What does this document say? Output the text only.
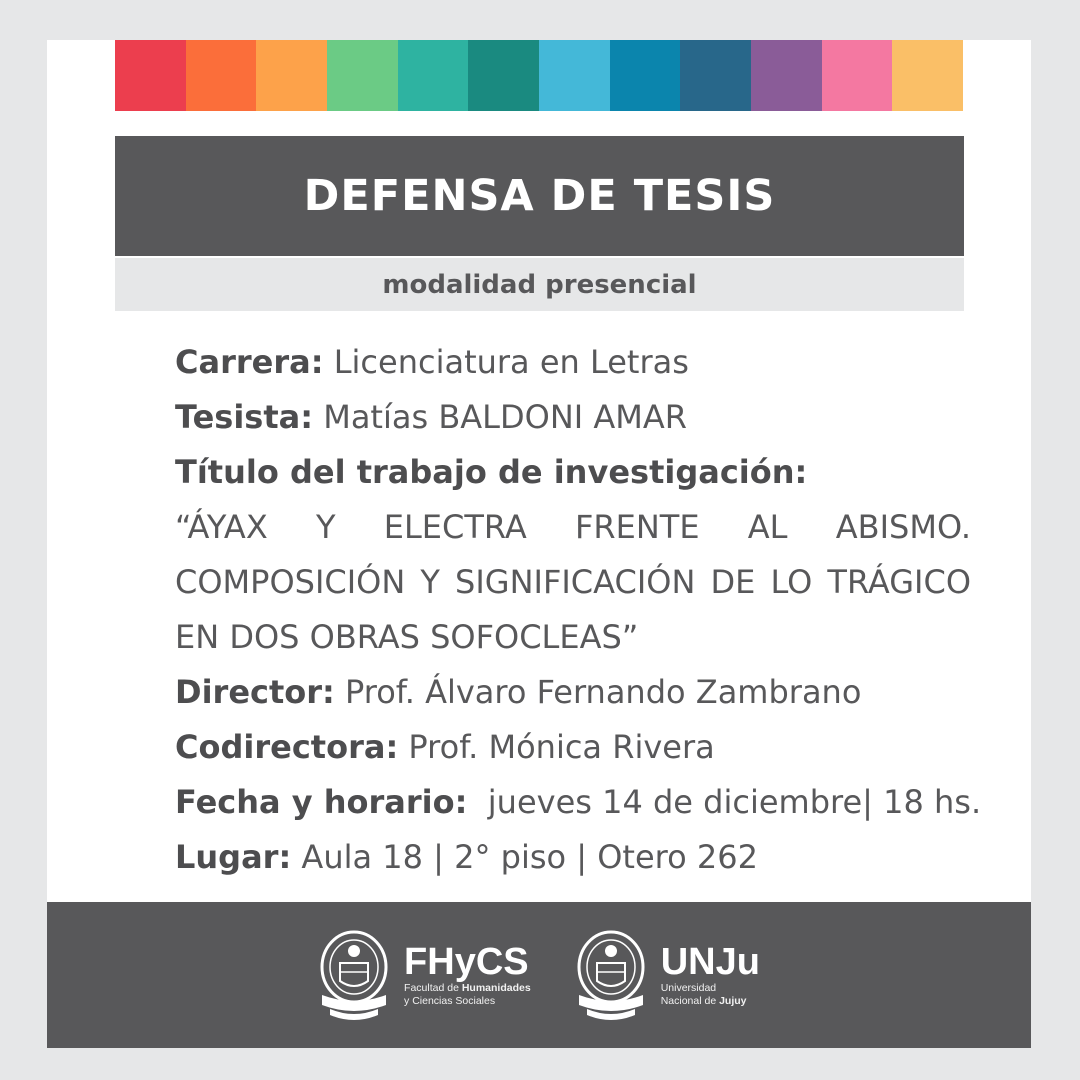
DEFENSA DE TESIS
modalidad presencial
Carrera: Licenciatura en Letras
Tesista: Matías BALDONI AMAR
Título del trabajo de investigación:
“ÁYAX Y ELECTRA FRENTE AL ABISMO. COMPOSICIÓN Y SIGNIFICACIÓN DE LO TRÁGICO EN DOS OBRAS SOFOCLEAS”
Director: Prof. Álvaro Fernando Zambrano
Codirectora: Prof. Mónica Rivera
Fecha y horario:  jueves 14 de diciembre| 18 hs.
Lugar: Aula 18 | 2° piso | Otero 262
FHyCS
Facultad de Humanidades
y Ciencias Sociales
UNJu
Universidad
Nacional de Jujuy
